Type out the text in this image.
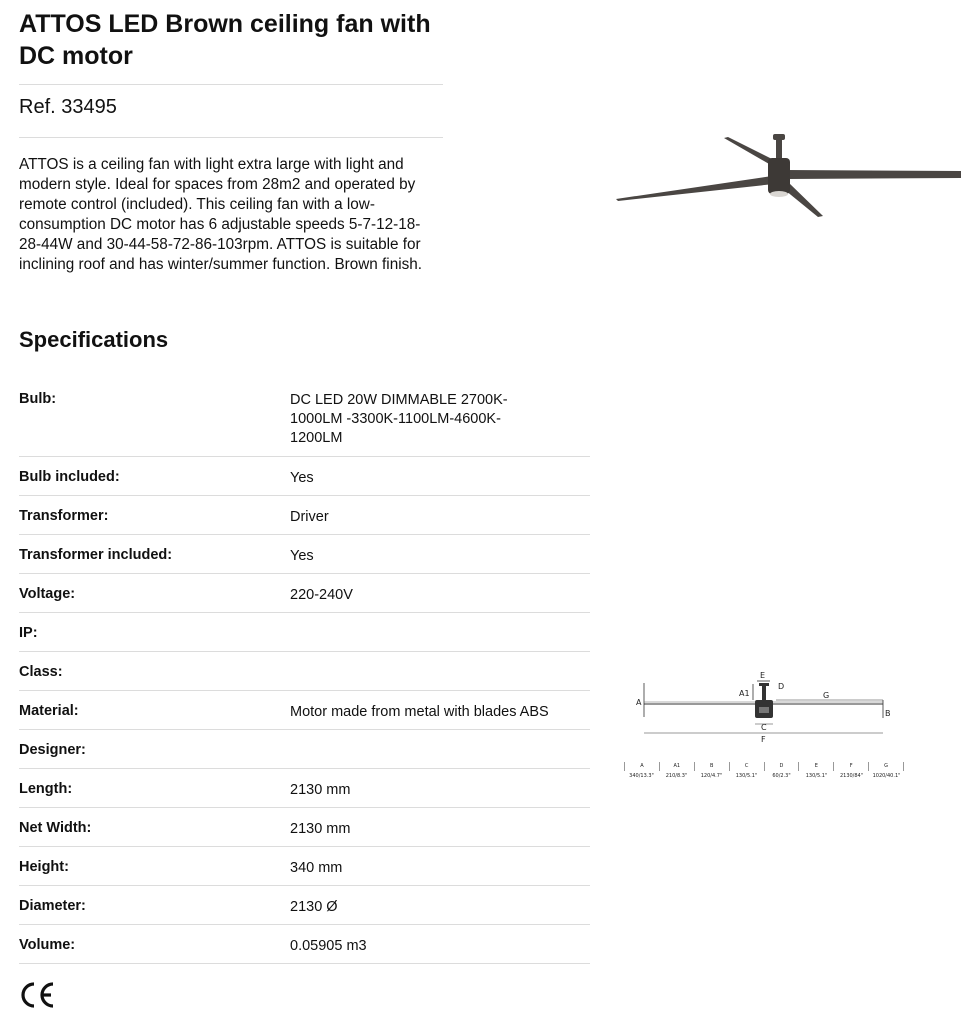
ATTOS LED Brown ceiling fan with DC motor

Ref. 33495

ATTOS is a ceiling fan with light extra large with light and modern style. Ideal for spaces from 28m2 and operated by remote control (included). This ceiling fan with a low-consumption DC motor has 6 adjustable speeds 5-7-12-18-28-44W and 30-44-58-72-86-103rpm. ATTOS is suitable for inclining roof and has winter/summer function. Brown finish.

Specifications
Bulb:	DC LED 20W DIMMABLE 2700K-1000LM -3300K-1100LM-4600K-1200LM
Bulb included:	Yes
Transformer:	Driver
Transformer included:	Yes
Voltage:	220-240V
IP:
Class:
Material:	Motor made from metal with blades ABS
Designer:
Length:	2130 mm
Net Width:	2130 mm
Height:	340 mm
Diameter:	2130 Ø
Volume:	0.05905 m3
A
A1
E
D
G
B
C
F
A	A1	B	C	D	E	F	G
340/13.3"	210/8.3"	120/4.7"	130/5.1"	60/2.3"	130/5.1"	2130/84"	1020/40.1"
